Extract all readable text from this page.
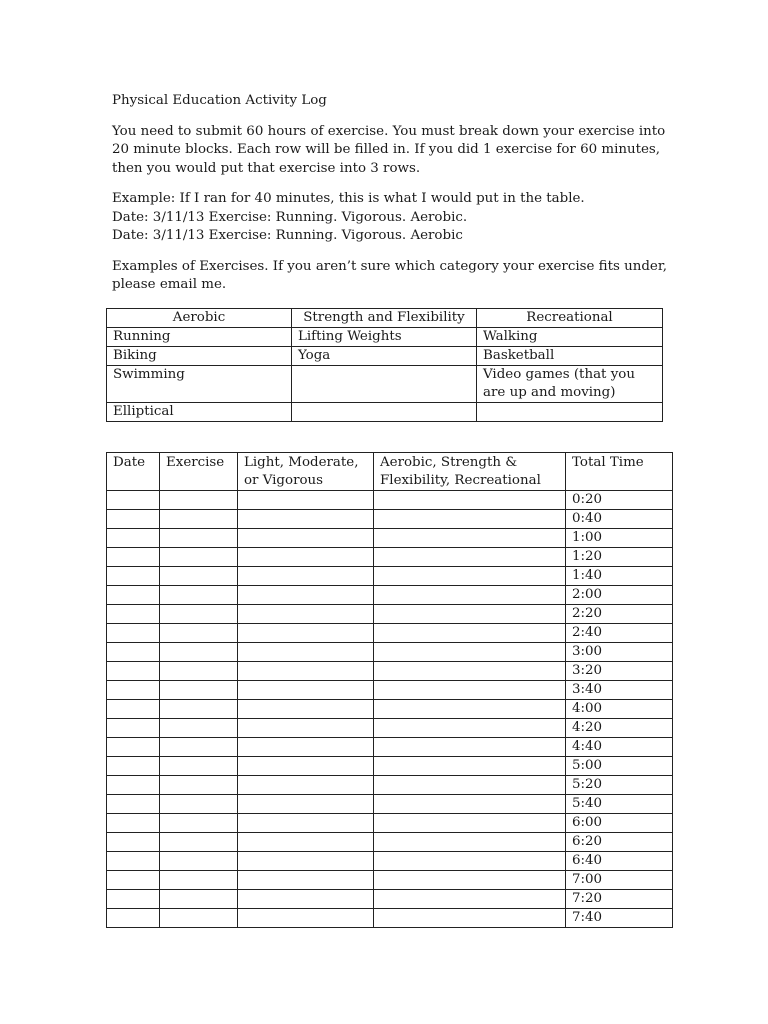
Physical Education Activity Log

You need to submit 60 hours of exercise. You must break down your exercise into

20 minute blocks. Each row will be filled in. If you did 1 exercise for 60 minutes,

then you would put that exercise into 3 rows.

Example: If I ran for 40 minutes, this is what I would put in the table.

Date: 3/11/13 Exercise: Running. Vigorous. Aerobic.

Date: 3/11/13 Exercise: Running. Vigorous. Aerobic

Examples of Exercises. If you aren’t sure which category your exercise fits under,

please email me.

Aerobic	Strength and Flexibility	Recreational
Running	Lifting Weights	Walking
Biking	Yoga	Basketball
Swimming		Video games (that you are up and moving)
Elliptical		
Date	Exercise	Light, Moderate, or Vigorous	Aerobic, Strength & Flexibility, Recreational	Total Time
				0:20
				0:40
				1:00
				1:20
				1:40
				2:00
				2:20
				2:40
				3:00
				3:20
				3:40
				4:00
				4:20
				4:40
				5:00
				5:20
				5:40
				6:00
				6:20
				6:40
				7:00
				7:20
				7:40
